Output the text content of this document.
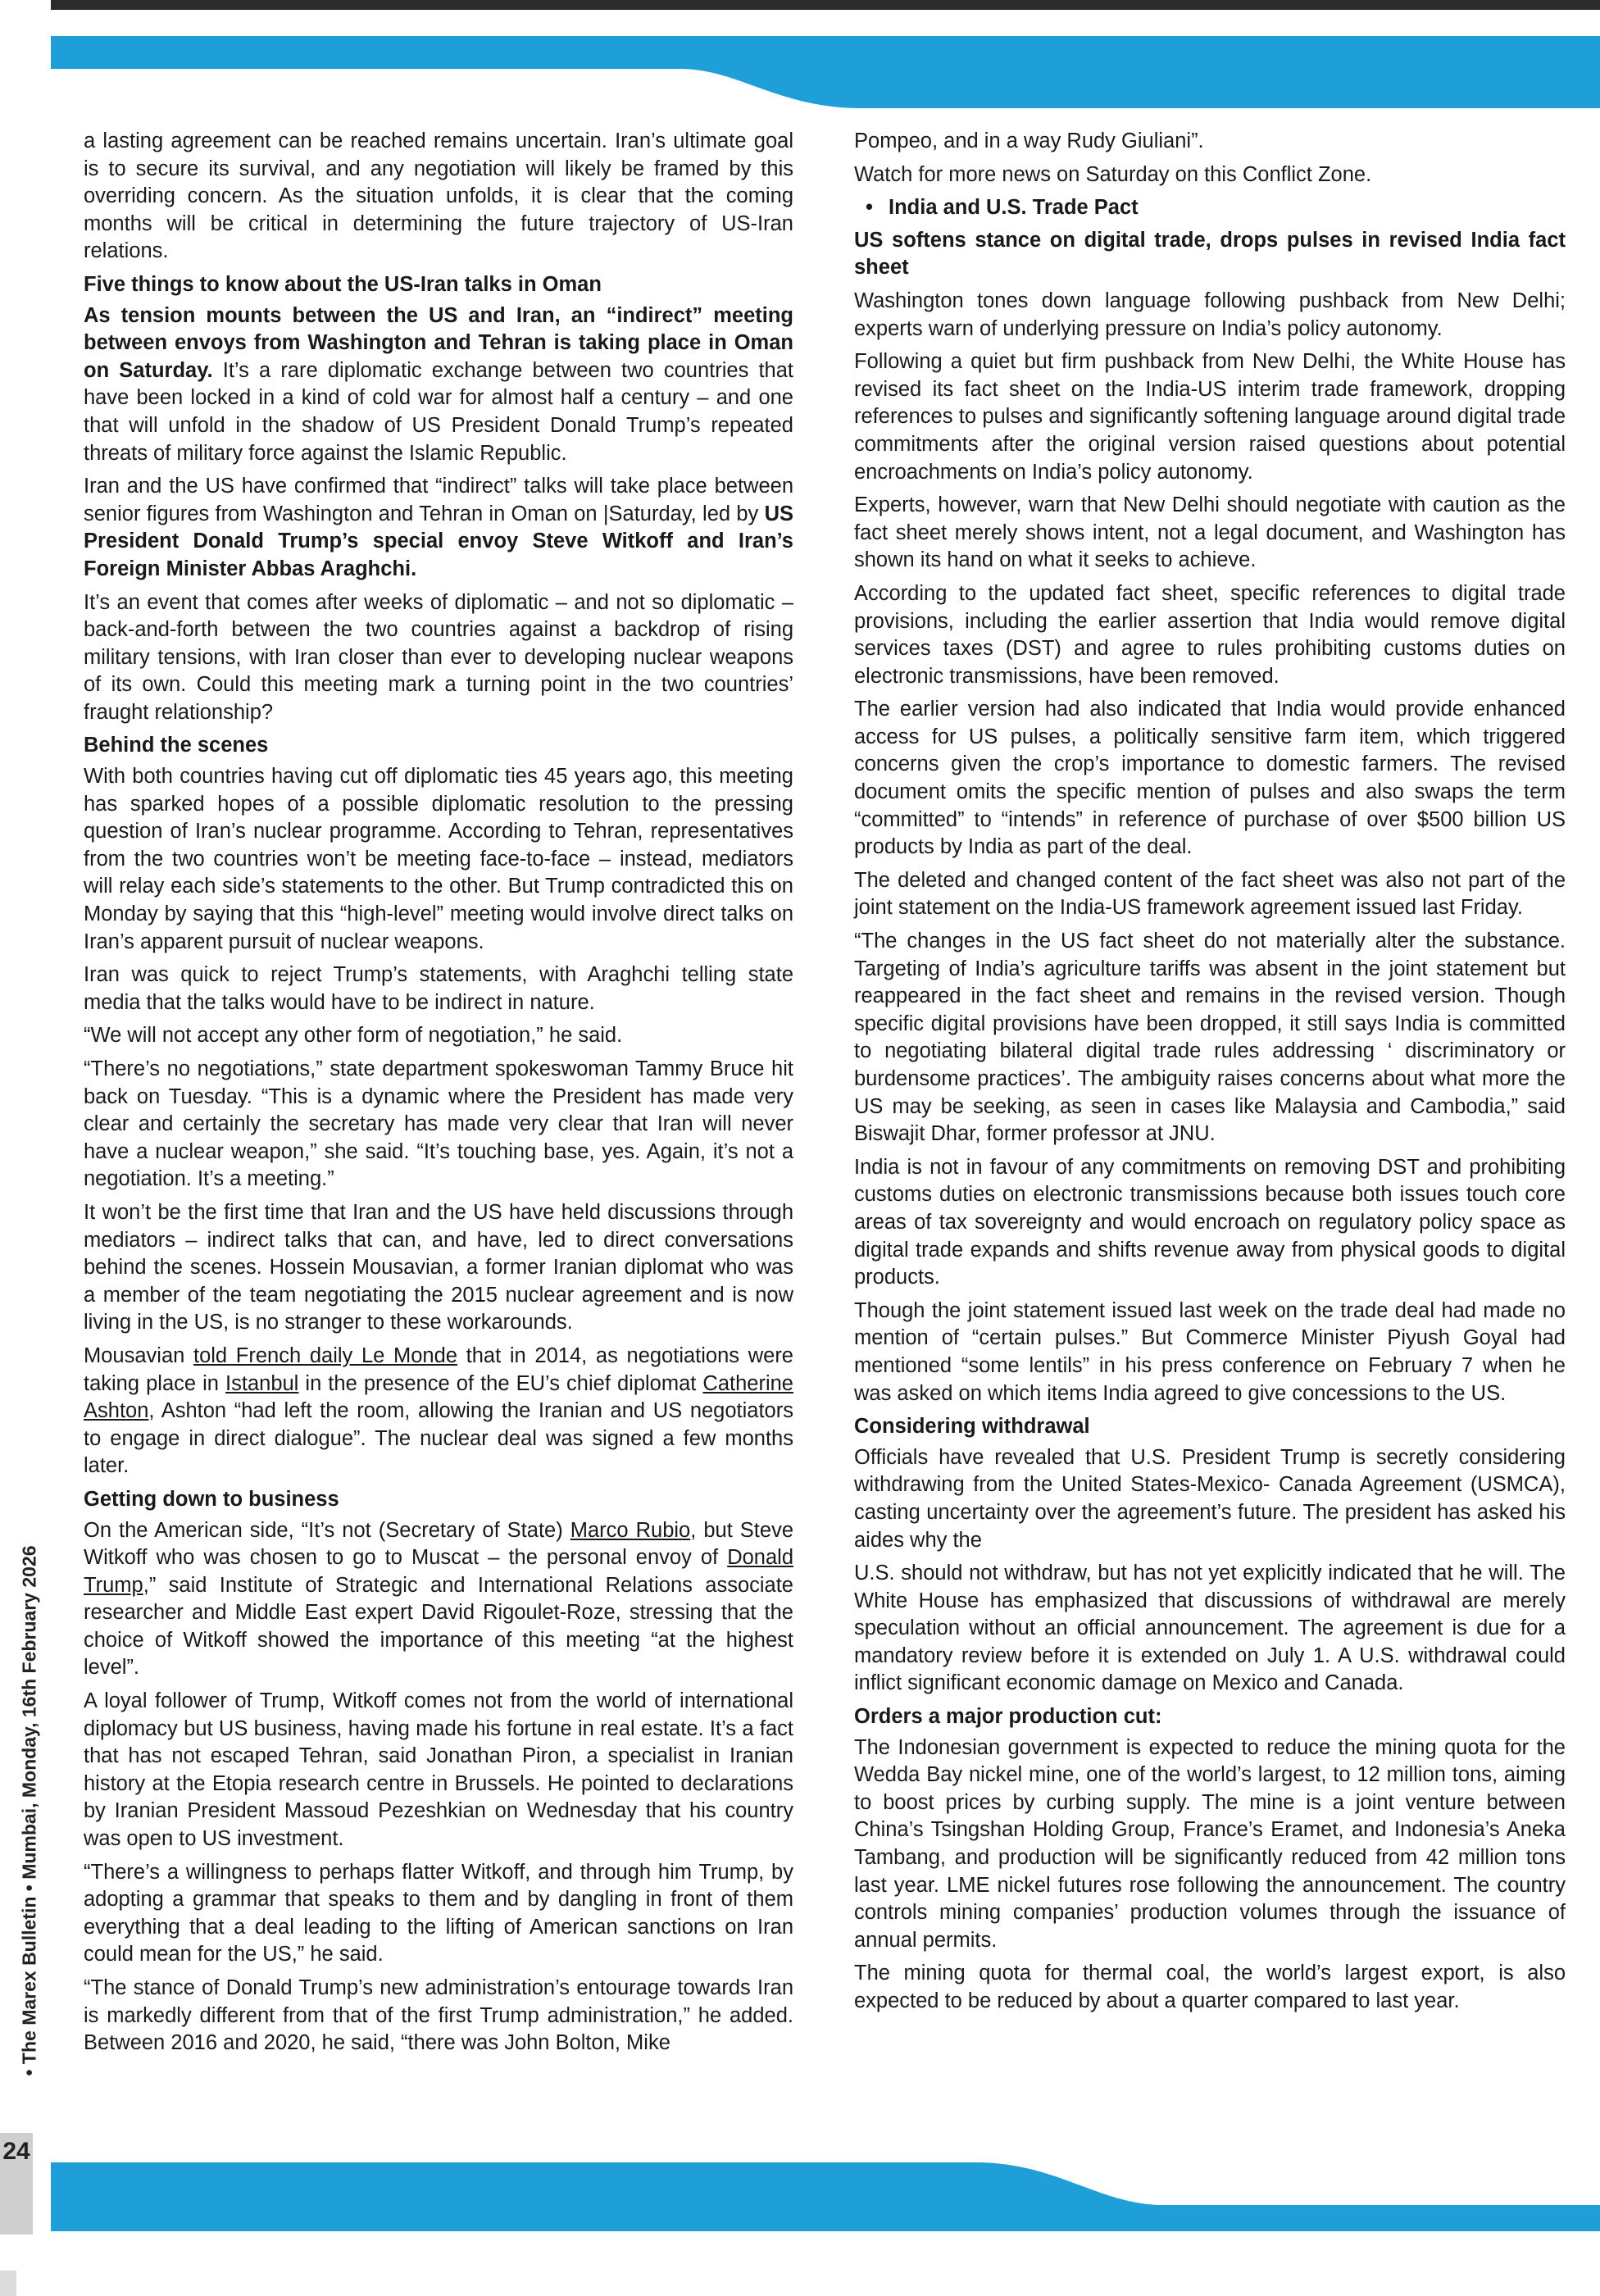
• The Marex Bulletin • Mumbai, Monday, 16th February 2026
24

a lasting agreement can be reached remains uncertain. Iran’s ultimate goal is to secure its survival, and any negotiation will likely be framed by this overriding concern. As the situation unfolds, it is clear that the coming months will be critical in determining the future trajectory of US-Iran relations.

Five things to know about the US-Iran talks in Oman

As tension mounts between the US and Iran, an “indirect” meeting between envoys from Washington and Tehran is taking place in Oman on Saturday. It’s a rare diplomatic exchange between two countries that have been locked in a kind of cold war for almost half a century – and one that will unfold in the shadow of US President Donald Trump’s repeated threats of military force against the Islamic Republic.

Iran and the US have confirmed that “indirect” talks will take place between senior figures from Washington and Tehran in Oman on |Saturday, led by US President Donald Trump’s special envoy Steve Witkoff and Iran’s Foreign Minister Abbas Araghchi.

It’s an event that comes after weeks of diplomatic – and not so diplomatic – back-and-forth between the two countries against a backdrop of rising military tensions, with Iran closer than ever to developing nuclear weapons of its own. Could this meeting mark a turning point in the two countries’ fraught relationship?

Behind the scenes

With both countries having cut off diplomatic ties 45 years ago, this meeting has sparked hopes of a possible diplomatic resolution to the pressing question of Iran’s nuclear programme. According to Tehran, representatives from the two countries won’t be meeting face-to-face – instead, mediators will relay each side’s statements to the other. But Trump contradicted this on Monday by saying that this “high-level” meeting would involve direct talks on Iran’s apparent pursuit of nuclear weapons.

Iran was quick to reject Trump’s statements, with Araghchi telling state media that the talks would have to be indirect in nature.

“We will not accept any other form of negotiation,” he said.

“There’s no negotiations,” state department spokeswoman Tammy Bruce hit back on Tuesday. “This is a dynamic where the President has made very clear and certainly the secretary has made very clear that Iran will never have a nuclear weapon,” she said. “It’s touching base, yes. Again, it’s not a negotiation. It’s a meeting.”

It won’t be the first time that Iran and the US have held discussions through mediators – indirect talks that can, and have, led to direct conversations behind the scenes. Hossein Mousavian, a former Iranian diplomat who was a member of the team negotiating the 2015 nuclear agreement and is now living in the US, is no stranger to these workarounds.

Mousavian told French daily Le Monde that in 2014, as negotiations were taking place in Istanbul in the presence of the EU’s chief diplomat Catherine Ashton, Ashton “had left the room, allowing the Iranian and US negotiators to engage in direct dialogue”. The nuclear deal was signed a few months later.

Getting down to business

On the American side, “It’s not (Secretary of State) Marco Rubio, but Steve Witkoff who was chosen to go to Muscat – the personal envoy of Donald Trump,” said Institute of Strategic and International Relations associate researcher and Middle East expert David Rigoulet-Roze, stressing that the choice of Witkoff showed the importance of this meeting “at the highest level”.

A loyal follower of Trump, Witkoff comes not from the world of international diplomacy but US business, having made his fortune in real estate. It’s a fact that has not escaped Tehran, said Jonathan Piron, a specialist in Iranian history at the Etopia research centre in Brussels. He pointed to declarations by Iranian President Massoud Pezeshkian on Wednesday that his country was open to US investment.

“There’s a willingness to perhaps flatter Witkoff, and through him Trump, by adopting a grammar that speaks to them and by dangling in front of them everything that a deal leading to the lifting of American sanctions on Iran could mean for the US,” he said.

“The stance of Donald Trump’s new administration’s entourage towards Iran is markedly different from that of the first Trump administration,” he added. Between 2016 and 2020, he said, “there was John Bolton, Mike

Pompeo, and in a way Rudy Giuliani”.

Watch for more news on Saturday on this Conflict Zone.

• India and U.S. Trade Pact
US softens stance on digital trade, drops pulses in revised India fact sheet

Washington tones down language following pushback from New Delhi; experts warn of underlying pressure on India’s policy autonomy.

Following a quiet but firm pushback from New Delhi, the White House has revised its fact sheet on the India-US interim trade framework, dropping references to pulses and significantly softening language around digital trade commitments after the original version raised questions about potential encroachments on India’s policy autonomy.

Experts, however, warn that New Delhi should negotiate with caution as the fact sheet merely shows intent, not a legal document, and Washington has shown its hand on what it seeks to achieve.

According to the updated fact sheet, specific references to digital trade provisions, including the earlier assertion that India would remove digital services taxes (DST) and agree to rules prohibiting customs duties on electronic transmissions, have been removed.

The earlier version had also indicated that India would provide enhanced access for US pulses, a politically sensitive farm item, which triggered concerns given the crop’s importance to domestic farmers. The revised document omits the specific mention of pulses and also swaps the term “committed” to “intends” in reference of purchase of over $500 billion US products by India as part of the deal.

The deleted and changed content of the fact sheet was also not part of the joint statement on the India-US framework agreement issued last Friday.

“The changes in the US fact sheet do not materially alter the substance. Targeting of India’s agriculture tariffs was absent in the joint statement but reappeared in the fact sheet and remains in the revised version. Though specific digital provisions have been dropped, it still says India is committed to negotiating bilateral digital trade rules addressing ‘ discriminatory or burdensome practices’. The ambiguity raises concerns about what more the US may be seeking, as seen in cases like Malaysia and Cambodia,” said Biswajit Dhar, former professor at JNU.

India is not in favour of any commitments on removing DST and prohibiting customs duties on electronic transmissions because both issues touch core areas of tax sovereignty and would encroach on regulatory policy space as digital trade expands and shifts revenue away from physical goods to digital products.

Though the joint statement issued last week on the trade deal had made no mention of “certain pulses.” But Commerce Minister Piyush Goyal had mentioned “some lentils” in his press conference on February 7 when he was asked on which items India agreed to give concessions to the US.

Considering withdrawal

Officials have revealed that U.S. President Trump is secretly considering withdrawing from the United States-Mexico- Canada Agreement (USMCA), casting uncertainty over the agreement’s future. The president has asked his aides why the

U.S. should not withdraw, but has not yet explicitly indicated that he will. The White House has emphasized that discussions of withdrawal are merely speculation without an official announcement. The agreement is due for a mandatory review before it is extended on July 1. A U.S. withdrawal could inflict significant economic damage on Mexico and Canada.

Orders a major production cut:

The Indonesian government is expected to reduce the mining quota for the Wedda Bay nickel mine, one of the world’s largest, to 12 million tons, aiming to boost prices by curbing supply. The mine is a joint venture between China’s Tsingshan Holding Group, France’s Eramet, and Indonesia’s Aneka Tambang, and production will be significantly reduced from 42 million tons last year. LME nickel futures rose following the announcement. The country controls mining companies’ production volumes through the issuance of annual permits.

The mining quota for thermal coal, the world’s largest export, is also expected to be reduced by about a quarter compared to last year.
